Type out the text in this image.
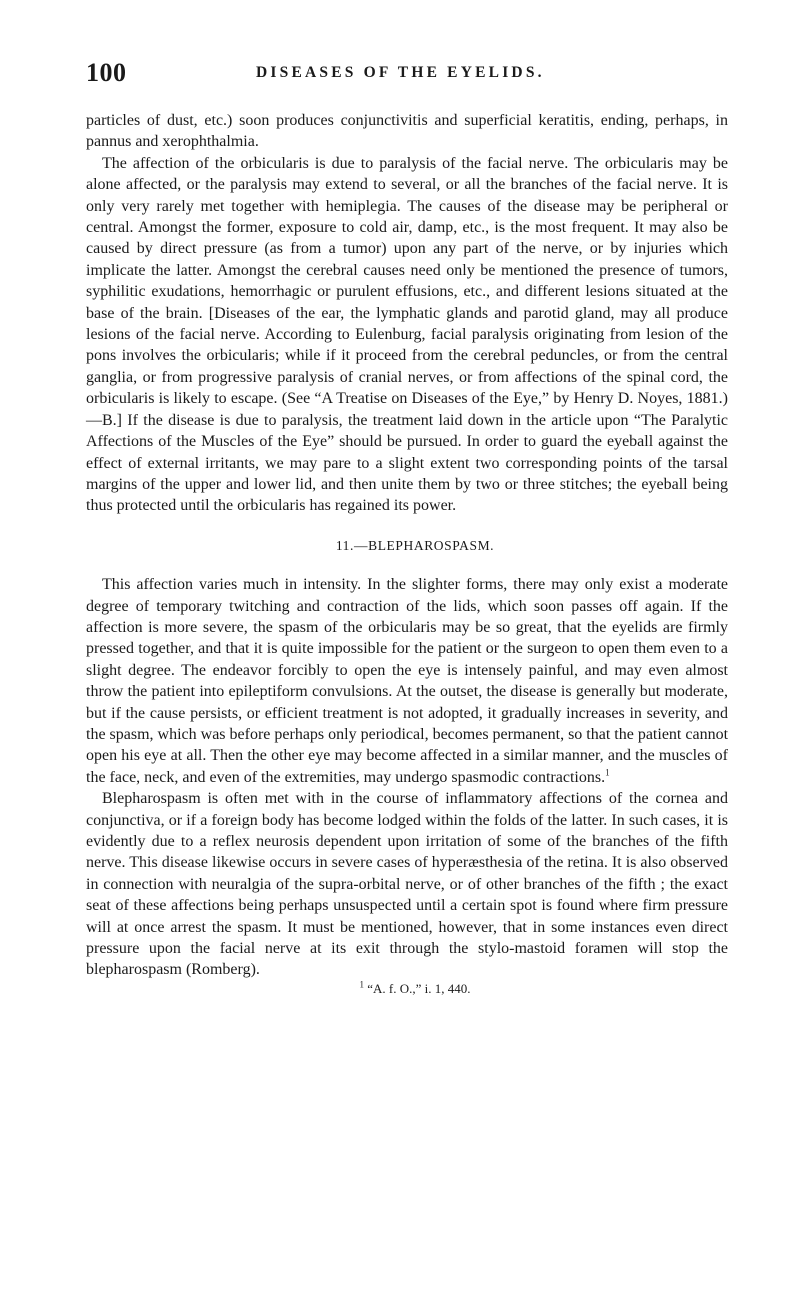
100	DISEASES OF THE EYELIDS.

particles of dust, etc.) soon produces conjunctivitis and superficial keratitis, ending, perhaps, in pannus and xerophthalmia.

The affection of the orbicularis is due to paralysis of the facial nerve. The orbicularis may be alone affected, or the paralysis may extend to several, or all the branches of the facial nerve. It is only very rarely met together with hemiplegia. The causes of the disease may be peripheral or central. Amongst the former, exposure to cold air, damp, etc., is the most frequent. It may also be caused by direct pressure (as from a tumor) upon any part of the nerve, or by injuries which implicate the latter. Amongst the cerebral causes need only be mentioned the presence of tumors, syphilitic exudations, hemorrhagic or purulent effusions, etc., and different lesions situated at the base of the brain. [Diseases of the ear, the lymphatic glands and parotid gland, may all produce lesions of the facial nerve. According to Eulenburg, facial paralysis originating from lesion of the pons involves the orbicularis; while if it proceed from the cerebral peduncles, or from the central ganglia, or from progressive paralysis of cranial nerves, or from affections of the spinal cord, the orbicularis is likely to escape. (See “A Treatise on Diseases of the Eye,” by Henry D. Noyes, 1881.)—B.] If the disease is due to paralysis, the treatment laid down in the article upon “The Paralytic Affections of the Muscles of the Eye” should be pursued. In order to guard the eyeball against the effect of external irritants, we may pare to a slight extent two corresponding points of the tarsal margins of the upper and lower lid, and then unite them by two or three stitches; the eyeball being thus protected until the orbicularis has regained its power.

11.—BLEPHAROSPASM.

This affection varies much in intensity. In the slighter forms, there may only exist a moderate degree of temporary twitching and contraction of the lids, which soon passes off again. If the affection is more severe, the spasm of the orbicularis may be so great, that the eyelids are firmly pressed together, and that it is quite impossible for the patient or the surgeon to open them even to a slight degree. The endeavor forcibly to open the eye is intensely painful, and may even almost throw the patient into epileptiform convulsions. At the outset, the disease is generally but moderate, but if the cause persists, or efficient treatment is not adopted, it gradually increases in severity, and the spasm, which was before perhaps only periodical, becomes permanent, so that the patient cannot open his eye at all. Then the other eye may become affected in a similar manner, and the muscles of the face, neck, and even of the extremities, may undergo spasmodic contractions.$^1$

Blepharospasm is often met with in the course of inflammatory affections of the cornea and conjunctiva, or if a foreign body has become lodged within the folds of the latter. In such cases, it is evidently due to a reflex neurosis dependent upon irritation of some of the branches of the fifth nerve. This disease likewise occurs in severe cases of hyperæsthesia of the retina. It is also observed in connection with neuralgia of the supra-orbital nerve, or of other branches of the fifth ; the exact seat of these affections being perhaps unsuspected until a certain spot is found where firm pressure will at once arrest the spasm. It must be mentioned, however, that in some instances even direct pressure upon the facial nerve at its exit through the stylo-mastoid foramen will stop the blepharospasm (Romberg).

$^1$ “A. f. O.,” i. 1, 440.
